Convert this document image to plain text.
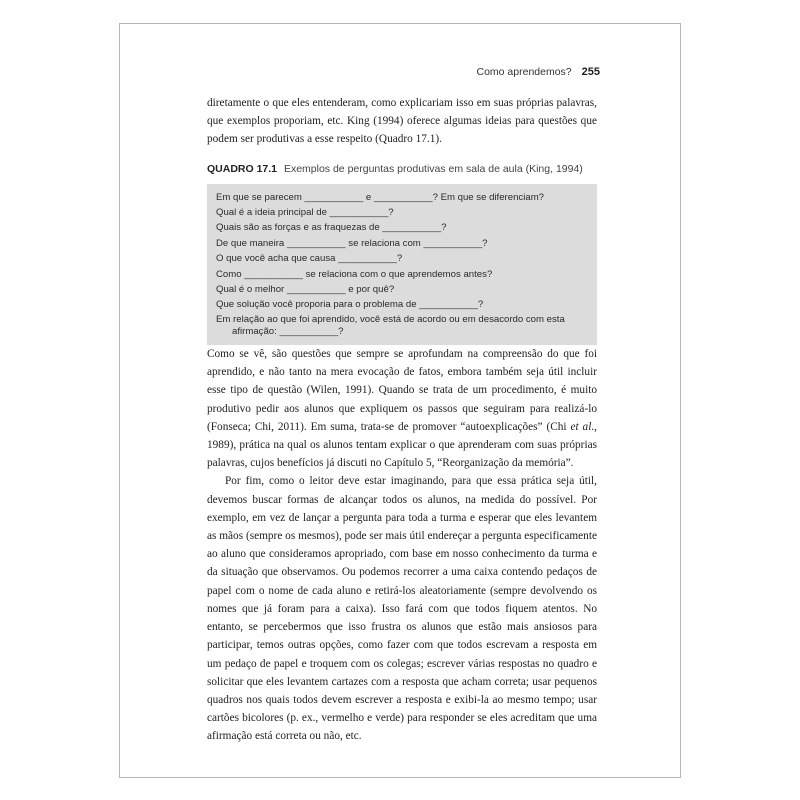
Como aprendemos? 255

diretamente o que eles entenderam, como explicariam isso em suas próprias palavras, que exemplos proporiam, etc. King (1994) oferece algumas ideias para questões que podem ser produtivas a esse respeito (Quadro 17.1).

QUADRO 17.1 Exemplos de perguntas produtivas em sala de aula (King, 1994)

Em que se parecem ___________ e ___________? Em que se diferenciam?

Qual é a ideia principal de ___________?

Quais são as forças e as fraquezas de ___________?

De que maneira ___________ se relaciona com ___________?

O que você acha que causa ___________?

Como ___________ se relaciona com o que aprendemos antes?

Qual é o melhor ___________ e por quê?

Que solução você proporia para o problema de ___________?

Em relação ao que foi aprendido, você está de acordo ou em desacordo com esta afirmação: ___________?

Como se vê, são questões que sempre se aprofundam na compreensão do que foi aprendido, e não tanto na mera evocação de fatos, embora também seja útil incluir esse tipo de questão (Wilen, 1991). Quando se trata de um procedimento, é muito produtivo pedir aos alunos que expliquem os passos que seguiram para realizá-lo (Fonseca; Chi, 2011). Em suma, trata-se de promover “autoexplicações” (Chi et al., 1989), prática na qual os alunos tentam explicar o que aprenderam com suas próprias palavras, cujos benefícios já discuti no Capítulo 5, “Reorganização da memória”.

Por fim, como o leitor deve estar imaginando, para que essa prática seja útil, devemos buscar formas de alcançar todos os alunos, na medida do possível. Por exemplo, em vez de lançar a pergunta para toda a turma e esperar que eles levantem as mãos (sempre os mesmos), pode ser mais útil endereçar a pergunta especificamente ao aluno que consideramos apropriado, com base em nosso conhecimento da turma e da situação que observamos. Ou podemos recorrer a uma caixa contendo pedaços de papel com o nome de cada aluno e retirá-los aleatoriamente (sempre devolvendo os nomes que já foram para a caixa). Isso fará com que todos fiquem atentos. No entanto, se percebermos que isso frustra os alunos que estão mais ansiosos para participar, temos outras opções, como fazer com que todos escrevam a resposta em um pedaço de papel e troquem com os colegas; escrever várias respostas no quadro e solicitar que eles levantem cartazes com a resposta que acham correta; usar pequenos quadros nos quais todos devem escrever a resposta e exibi-la ao mesmo tempo; usar cartões bicolores (p. ex., vermelho e verde) para responder se eles acreditam que uma afirmação está correta ou não, etc.
